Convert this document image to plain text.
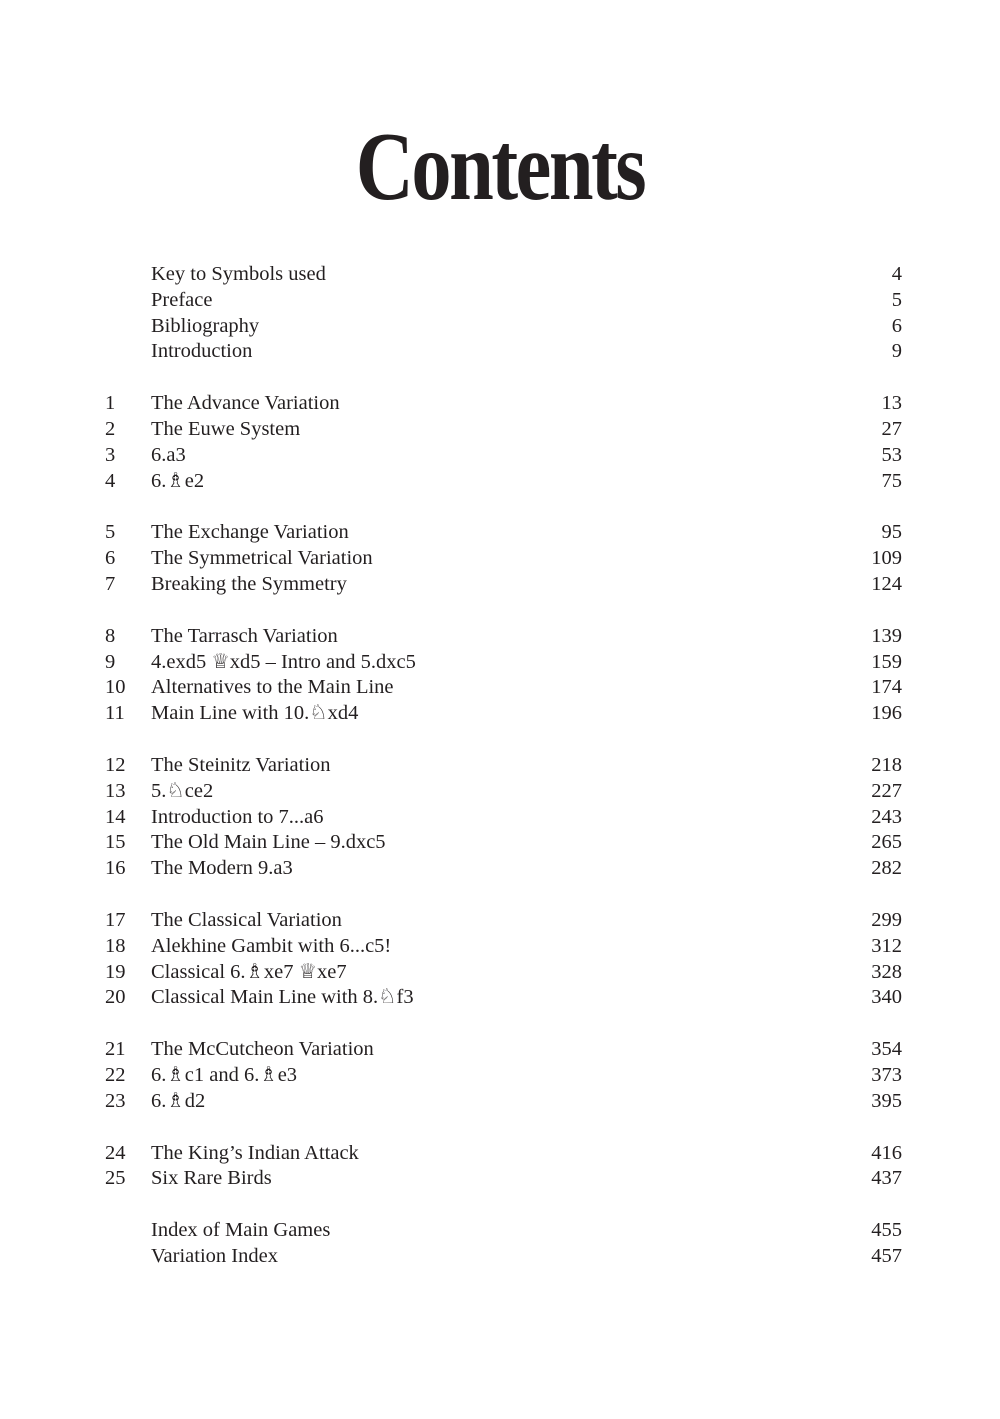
Contents
Key to Symbols used	4
Preface	5
Bibliography	6
Introduction	9
1	The Advance Variation	13
2	The Euwe System	27
3	6.a3	53
4	6.♗e2	75
5	The Exchange Variation	95
6	The Symmetrical Variation	109
7	Breaking the Symmetry	124
8	The Tarrasch Variation	139
9	4.exd5 ♕xd5 – Intro and 5.dxc5	159
10	Alternatives to the Main Line	174
11	Main Line with 10.♘xd4	196
12	The Steinitz Variation	218
13	5.♘ce2	227
14	Introduction to 7...a6	243
15	The Old Main Line – 9.dxc5	265
16	The Modern 9.a3	282
17	The Classical Variation	299
18	Alekhine Gambit with 6...c5!	312
19	Classical 6.♗xe7 ♕xe7	328
20	Classical Main Line with 8.♘f3	340
21	The McCutcheon Variation	354
22	6.♗c1 and 6.♗e3	373
23	6.♗d2	395
24	The King’s Indian Attack	416
25	Six Rare Birds	437
Index of Main Games	455
Variation Index	457
